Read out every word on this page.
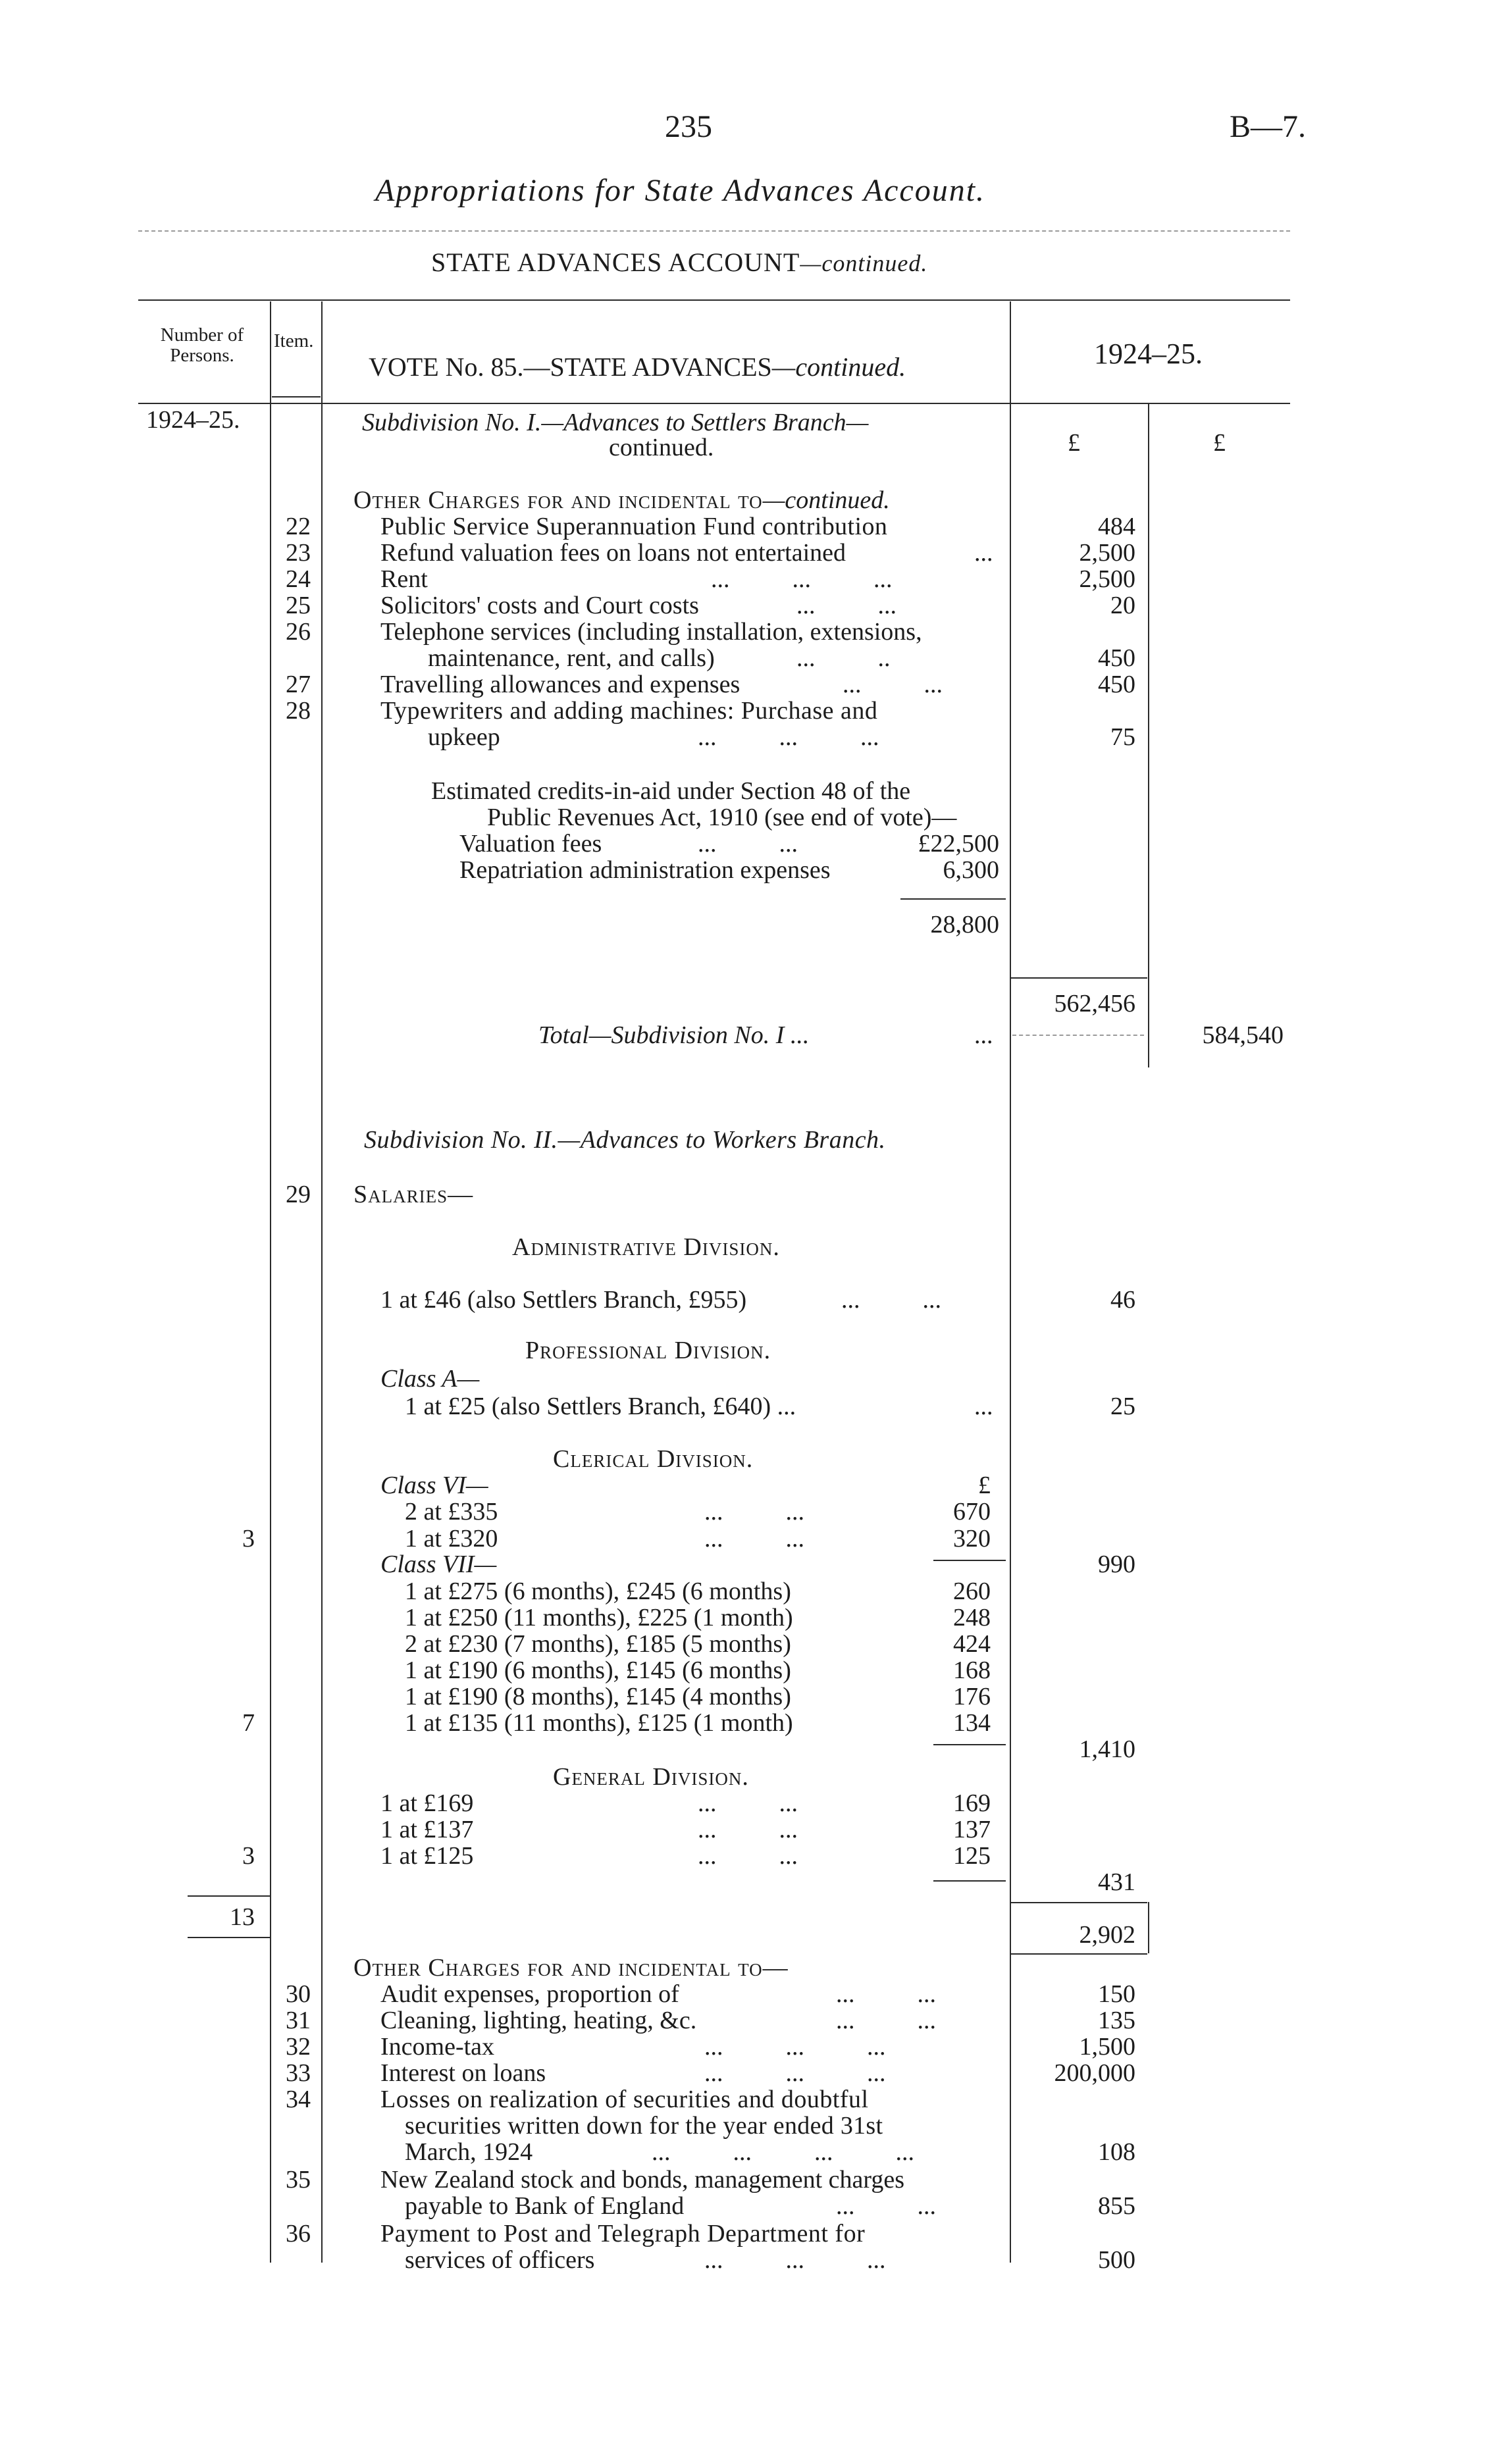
235	B—7.
Appropriations for State Advances Account.
STATE ADVANCES ACCOUNT—continued.
Number of Persons.
Item.	1924–25.
1924–25.
£	£
VOTE No. 85.—STATE ADVANCES—continued.
Subdivision No. I.—Advances to Settlers Branch—
continued.
Other Charges for and incidental to—continued.
22	Public Service Superannuation Fund contribution	484
23	Refund valuation fees on loans not entertained	...	2,500
24	Rent	...          ...          ...	2,500
25	Solicitors' costs and Court costs	...          ...	20
26	Telephone services (including installation, extensions,
maintenance, rent, and calls)	...          ..	450
27	Travelling allowances and expenses	...          ...	450
28	Typewriters and adding machines: Purchase and
upkeep	...          ...          ...	75
Estimated credits-in-aid under Section 48 of the
Public Revenues Act, 1910 (see end of vote)—
Valuation fees	...          ...	£22,500
Repatriation administration expenses	6,300
28,800
562,456
Total—Subdivision No. I ...	...	584,540
Subdivision No. II.—Advances to Workers Branch.
29 Salaries—
Administrative Division.
1 at £46 (also Settlers Branch, £955)	...          ...	46
Professional Division.
Class A—
1 at £25 (also Settlers Branch, £640) ...	...	25
Clerical Division.
Class VI—	£
2 at £335	...          ...	670
3	1 at £320	...          ...	320
Class VII—	990
1 at £275 (6 months), £245 (6 months)	260
1 at £250 (11 months), £225 (1 month)	248
2 at £230 (7 months), £185 (5 months)	424
1 at £190 (6 months), £145 (6 months)	168
1 at £190 (8 months), £145 (4 months)	176
7	1 at £135 (11 months), £125 (1 month)	134
1,410
General Division.
1 at £169	...          ...	169
1 at £137	...          ...	137
3	1 at £125	...          ...	125
431
13
2,902
Other Charges for and incidental to—
30	Audit expenses, proportion of	...          ...	150
31	Cleaning, lighting, heating, &c.	...          ...	135
32	Income-tax	...          ...          ...	1,500
33	Interest on loans	...          ...          ...	200,000
34	Losses on realization of securities and doubtful
securities written down for the year ended 31st
March, 1924	...          ...          ...          ...	108
35	New Zealand stock and bonds, management charges
payable to Bank of England	...          ...	855
36	Payment to Post and Telegraph Department for
services of officers	...          ...          ...	500
